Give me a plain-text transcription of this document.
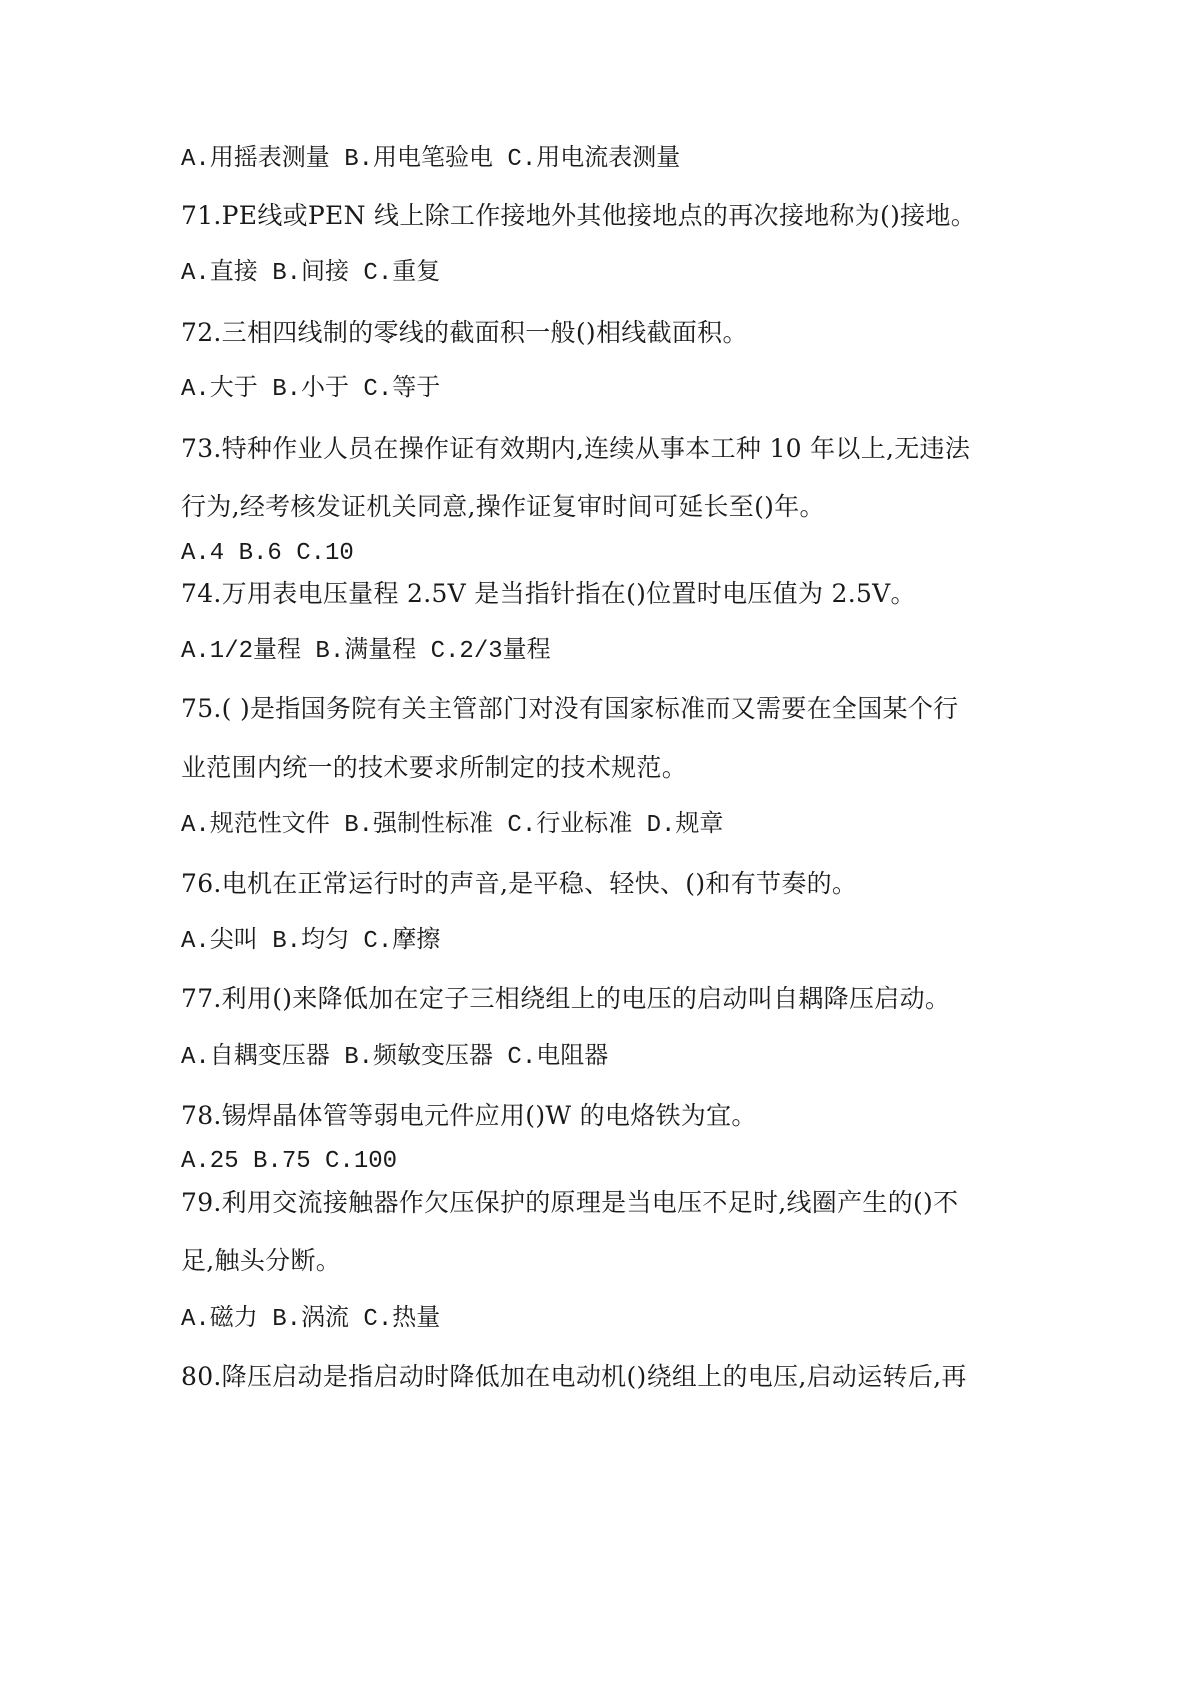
A.用摇表测量 B.用电笔验电 C.用电流表测量
71.PE线或PEN 线上除工作接地外其他接地点的再次接地称为()接地。
A.直接 B.间接 C.重复
72.三相四线制的零线的截面积一般()相线截面积。
A.大于 B.小于 C.等于
73.特种作业人员在操作证有效期内,连续从事本工种 10 年以上,无违法
行为,经考核发证机关同意,操作证复审时间可延长至()年。
A.4 B.6 C.10
74.万用表电压量程 2.5V 是当指针指在()位置时电压值为 2.5V。
A.1/2量程 B.满量程 C.2/3量程
75.( )是指国务院有关主管部门对没有国家标准而又需要在全国某个行
业范围内统一的技术要求所制定的技术规范。
A.规范性文件 B.强制性标准 C.行业标准 D.规章
76.电机在正常运行时的声音,是平稳、轻快、()和有节奏的。
A.尖叫 B.均匀 C.摩擦
77.利用()来降低加在定子三相绕组上的电压的启动叫自耦降压启动。
A.自耦变压器 B.频敏变压器 C.电阻器
78.锡焊晶体管等弱电元件应用()W 的电烙铁为宜。
A.25 B.75 C.100
79.利用交流接触器作欠压保护的原理是当电压不足时,线圈产生的()不
足,触头分断。
A.磁力 B.涡流 C.热量
80.降压启动是指启动时降低加在电动机()绕组上的电压,启动运转后,再
